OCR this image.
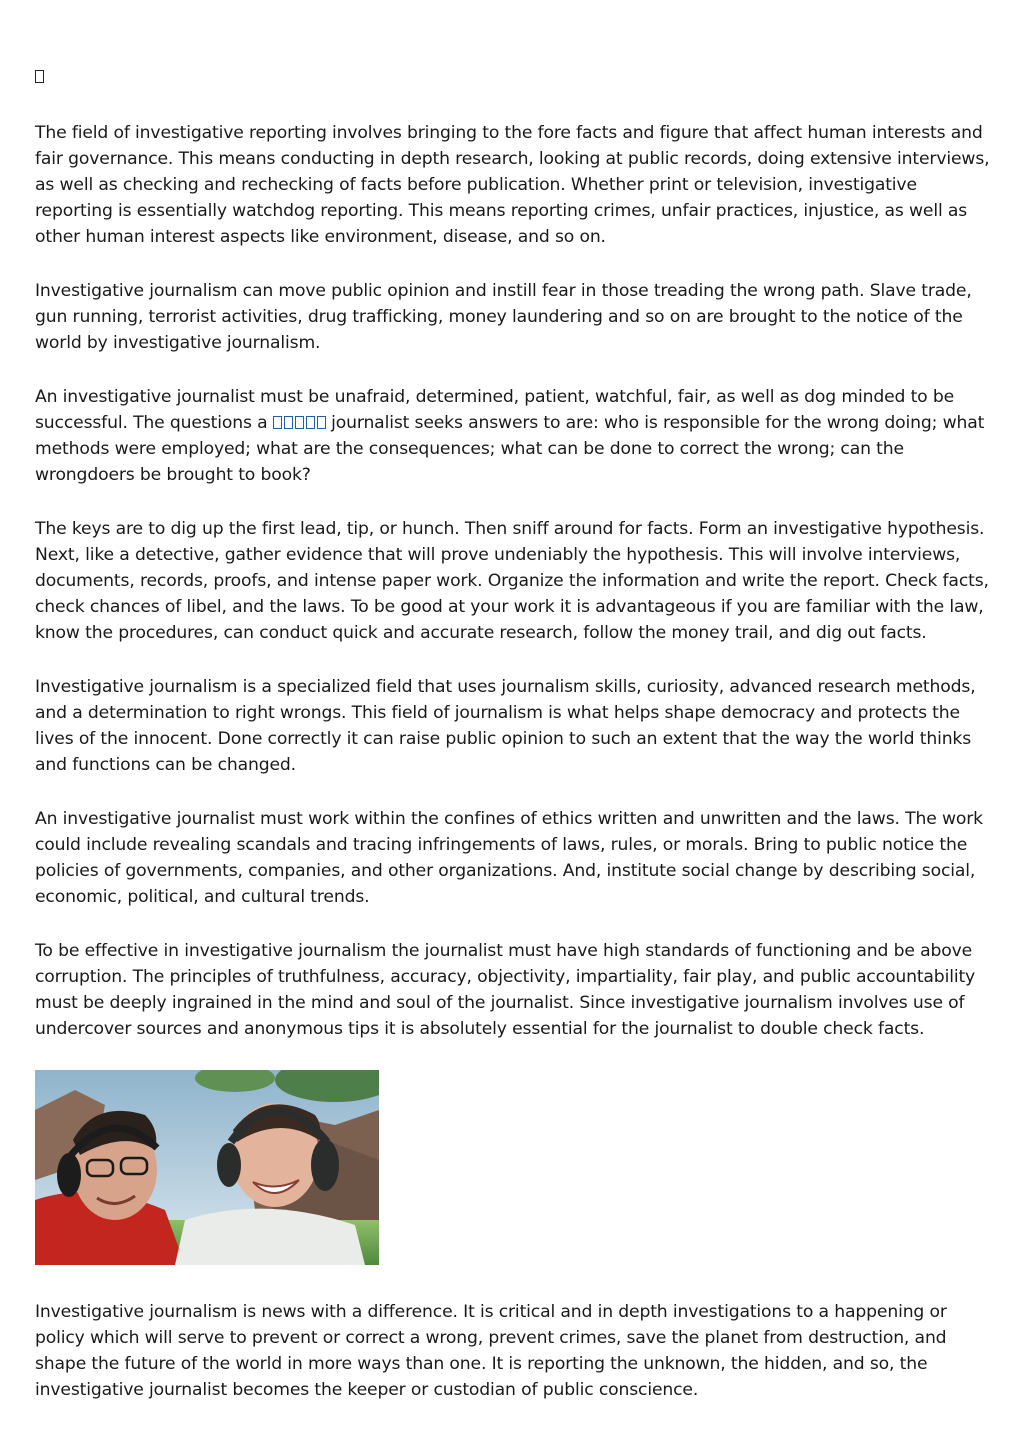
The field of investigative reporting involves bringing to the fore facts and figure that affect human interests and fair governance. This means conducting in depth research, looking at public records, doing extensive interviews, as well as checking and rechecking of facts before publication. Whether print or television, investigative reporting is essentially watchdog reporting. This means reporting crimes, unfair practices, injustice, as well as other human interest aspects like environment, disease, and so on.

Investigative journalism can move public opinion and instill fear in those treading the wrong path. Slave trade, gun running, terrorist activities, drug trafficking, money laundering and so on are brought to the notice of the world by investigative journalism.

An investigative journalist must be unafraid, determined, patient, watchful, fair, as well as dog minded to be successful. The questions a	journalist seeks answers to are: who is responsible for the wrong doing; what methods were employed; what are the consequences; what can be done to correct the wrong; can the wrongdoers be brought to book?

The keys are to dig up the first lead, tip, or hunch. Then sniff around for facts. Form an investigative hypothesis. Next, like a detective, gather evidence that will prove undeniably the hypothesis. This will involve interviews, documents, records, proofs, and intense paper work. Organize the information and write the report. Check facts, check chances of libel, and the laws. To be good at your work it is advantageous if you are familiar with the law, know the procedures, can conduct quick and accurate research, follow the money trail, and dig out facts.

Investigative journalism is a specialized field that uses journalism skills, curiosity, advanced research methods, and a determination to right wrongs. This field of journalism is what helps shape democracy and protects the lives of the innocent. Done correctly it can raise public opinion to such an extent that the way the world thinks and functions can be changed.

An investigative journalist must work within the confines of ethics written and unwritten and the laws. The work could include revealing scandals and tracing infringements of laws, rules, or morals. Bring to public notice the policies of governments, companies, and other organizations. And, institute social change by describing social, economic, political, and cultural trends.

To be effective in investigative journalism the journalist must have high standards of functioning and be above corruption. The principles of truthfulness, accuracy, objectivity, impartiality, fair play, and public accountability must be deeply ingrained in the mind and soul of the journalist. Since investigative journalism involves use of undercover sources and anonymous tips it is absolutely essential for the journalist to double check facts.

Investigative journalism is news with a difference. It is critical and in depth investigations to a happening or policy which will serve to prevent or correct a wrong, prevent crimes, save the planet from destruction, and shape the future of the world in more ways than one. It is reporting the unknown, the hidden, and so, the investigative journalist becomes the keeper or custodian of public conscience.
